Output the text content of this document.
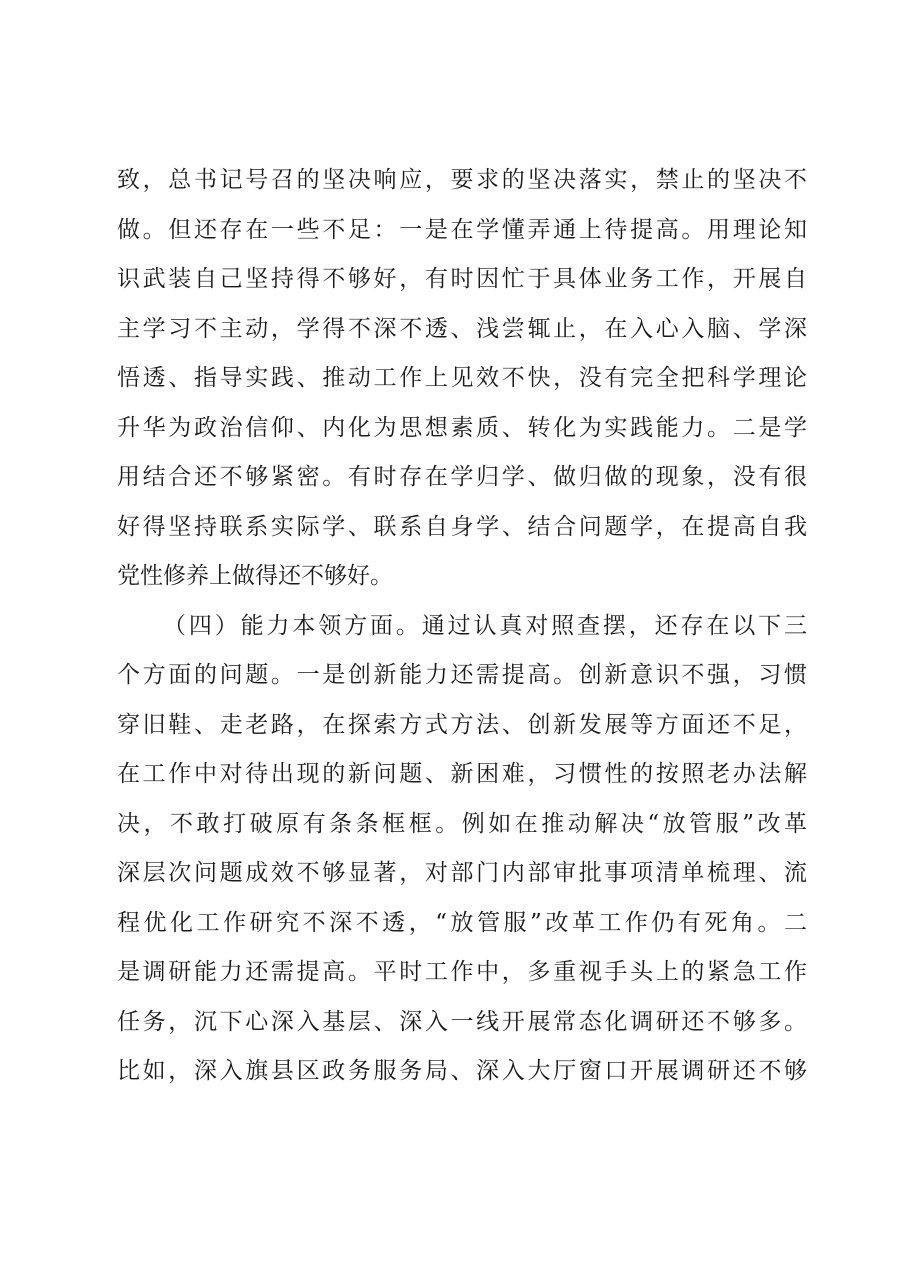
致，总书记号召的坚决响应，要求的坚决落实，禁止的坚决不
做。但还存在一些不足：一是在学懂弄通上待提高。用理论知
识武装自己坚持得不够好，有时因忙于具体业务工作，开展自
主学习不主动，学得不深不透、浅尝辄止，在入心入脑、学深
悟透、指导实践、推动工作上见效不快，没有完全把科学理论
升华为政治信仰、内化为思想素质、转化为实践能力。二是学
用结合还不够紧密。有时存在学归学、做归做的现象，没有很
好得坚持联系实际学、联系自身学、结合问题学，在提高自我
党性修养上做得还不够好。
（四）能力本领方面。通过认真对照查摆，还存在以下三
个方面的问题。一是创新能力还需提高。创新意识不强，习惯
穿旧鞋、走老路，在探索方式方法、创新发展等方面还不足，
在工作中对待出现的新问题、新困难，习惯性的按照老办法解
决，不敢打破原有条条框框。例如在推动解决“放管服”改革
深层次问题成效不够显著，对部门内部审批事项清单梳理、流
程优化工作研究不深不透，“放管服”改革工作仍有死角。二
是调研能力还需提高。平时工作中，多重视手头上的紧急工作
任务，沉下心深入基层、深入一线开展常态化调研还不够多。
比如，深入旗县区政务服务局、深入大厅窗口开展调研还不够
